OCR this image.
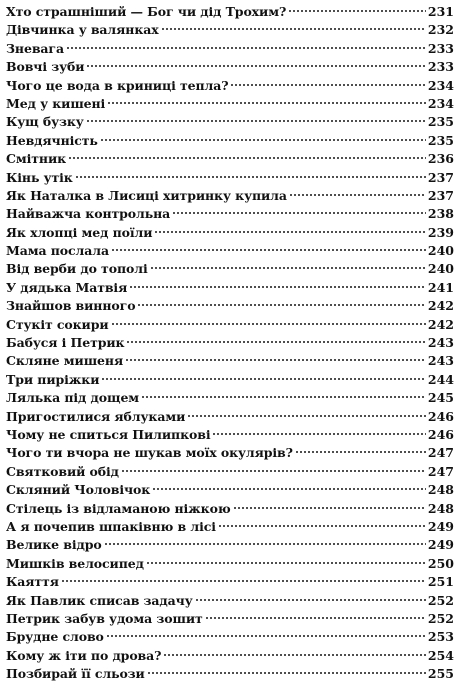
Хто страшніший — Бог чи дід Трохим?	231
Дівчинка у валянках	232
Зневага	233
Вовчі зуби	233
Чого це вода в криниці тепла?	234
Мед у кишені	234
Кущ бузку	235
Невдячність	235
Смітник	236
Кінь утік	237
Як Наталка в Лисиці хитринку купила	237
Найважча контрольна	238
Як хлопці мед поїли	239
Мама послала	240
Від верби до тополі	240
У дядька Матвія	241
Знайшов винного	242
Стукіт сокири	242
Бабуся і Петрик	243
Скляне мишеня	243
Три пиріжки	244
Лялька під дощем	245
Пригостилися яблуками	246
Чому не спиться Пилипкові	246
Чого ти вчора не шукав моїх окулярів?	247
Святковий обід	247
Скляний Чоловічок	248
Стілець із відламаною ніжкою	248
А я почепив шпаківню в лісі	249
Велике відро	249
Мишків велосипед	250
Каяття	251
Як Павлик списав задачу	252
Петрик забув удома зошит	252
Брудне слово	253
Кому ж іти по дрова?	254
Позбирай її сльози	255
